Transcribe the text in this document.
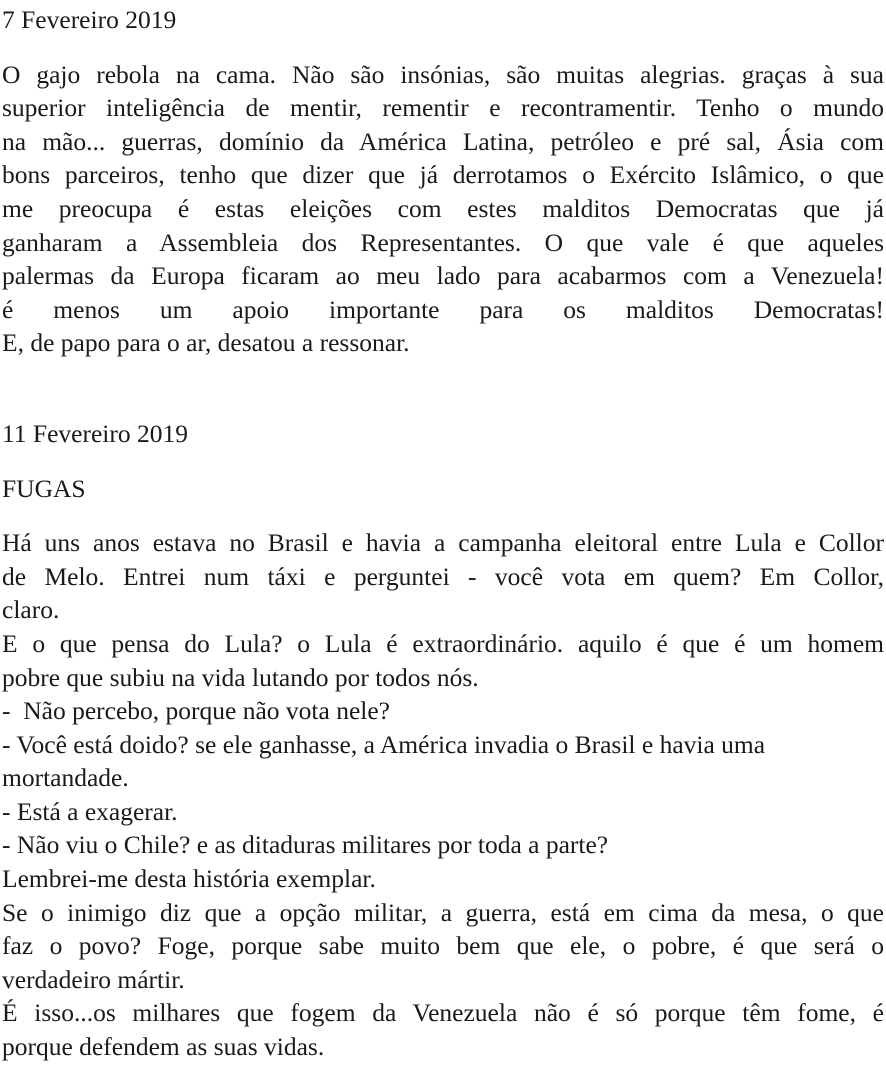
7 Fevereiro 2019

O gajo rebola na cama. Não são insónias, são muitas alegrias. graças à sua
superior inteligência de mentir, rementir e recontramentir. Tenho o mundo
na mão... guerras, domínio da América Latina, petróleo e pré sal, Ásia com
bons parceiros, tenho que dizer que já derrotamos o Exército Islâmico, o que
me preocupa é estas eleições com estes malditos Democratas que já
ganharam a Assembleia dos Representantes. O que vale é que aqueles
palermas da Europa ficaram ao meu lado para acabarmos com a Venezuela!
é menos um apoio importante para os malditos Democratas!
E, de papo para o ar, desatou a ressonar.

11 Fevereiro 2019

FUGAS

Há uns anos estava no Brasil e havia a campanha eleitoral entre Lula e Collor
de Melo. Entrei num táxi e perguntei - você vota em quem? Em Collor,
claro.
E o que pensa do Lula? o Lula é extraordinário. aquilo é que é um homem
pobre que subiu na vida lutando por todos nós.
-  Não percebo, porque não vota nele?
- Você está doido? se ele ganhasse, a América invadia o Brasil e havia uma
mortandade.
- Está a exagerar.
- Não viu o Chile? e as ditaduras militares por toda a parte?
Lembrei-me desta história exemplar.
Se o inimigo diz que a opção militar, a guerra, está em cima da mesa, o que
faz o povo? Foge, porque sabe muito bem que ele, o pobre, é que será o
verdadeiro mártir.
É isso...os milhares que fogem da Venezuela não é só porque têm fome, é
porque defendem as suas vidas.
